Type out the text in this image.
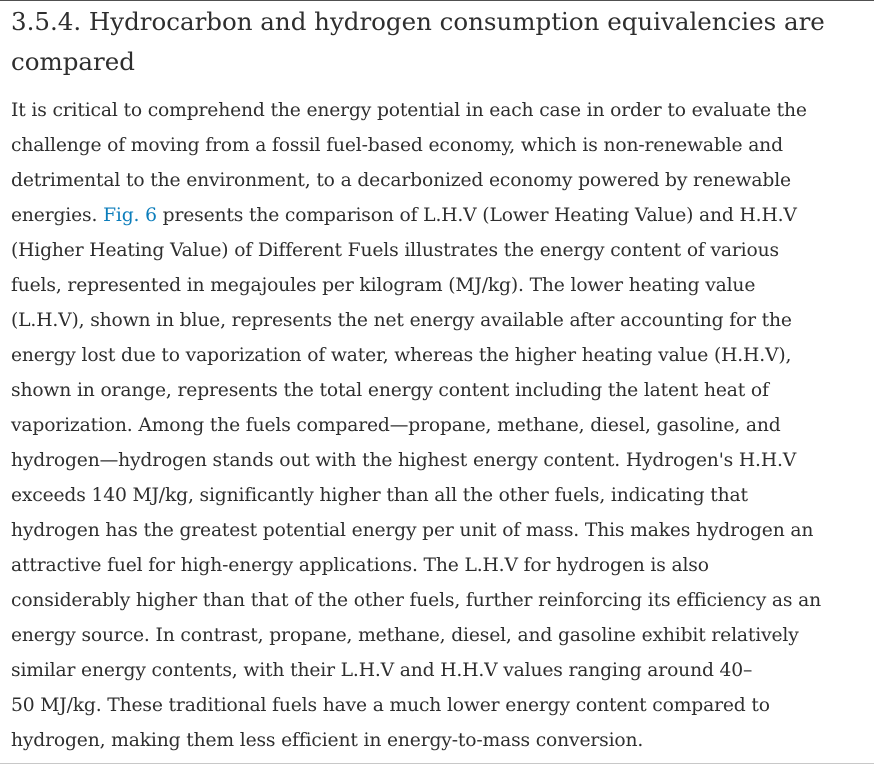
3.5.4. Hydrocarbon and hydrogen consumption equivalencies are
compared

It is critical to comprehend the energy potential in each case in order to evaluate the
challenge of moving from a fossil fuel-based economy, which is non-renewable and
detrimental to the environment, to a decarbonized economy powered by renewable
energies. Fig. 6 presents the comparison of L.H.V (Lower Heating Value) and H.H.V
(Higher Heating Value) of Different Fuels illustrates the energy content of various
fuels, represented in megajoules per kilogram (MJ/kg). The lower heating value
(L.H.V), shown in blue, represents the net energy available after accounting for the
energy lost due to vaporization of water, whereas the higher heating value (H.H.V),
shown in orange, represents the total energy content including the latent heat of
vaporization. Among the fuels compared—propane, methane, diesel, gasoline, and
hydrogen—hydrogen stands out with the highest energy content. Hydrogen's H.H.V
exceeds 140 MJ/kg, significantly higher than all the other fuels, indicating that
hydrogen has the greatest potential energy per unit of mass. This makes hydrogen an
attractive fuel for high-energy applications. The L.H.V for hydrogen is also
considerably higher than that of the other fuels, further reinforcing its efficiency as an
energy source. In contrast, propane, methane, diesel, and gasoline exhibit relatively
similar energy contents, with their L.H.V and H.H.V values ranging around 40–
50 MJ/kg. These traditional fuels have a much lower energy content compared to
hydrogen, making them less efficient in energy-to-mass conversion.
